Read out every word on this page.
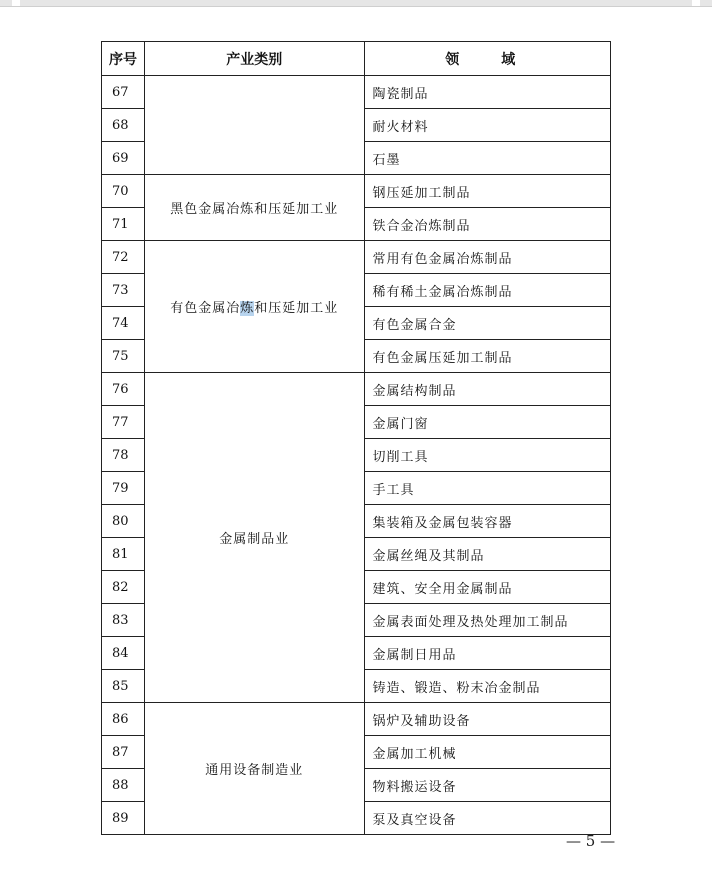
序号	产业类别	领　域
67		陶瓷制品
68		耐火材料
69		石墨
70	黑色金属冶炼和压延加工业	钢压延加工制品
71		铁合金冶炼制品
72	有色金属冶炼和压延加工业	常用有色金属冶炼制品
73		稀有稀土金属冶炼制品
74		有色金属合金
75		有色金属压延加工制品
76	金属制品业	金属结构制品
77		金属门窗
78		切削工具
79		手工具
80		集装箱及金属包装容器
81		金属丝绳及其制品
82		建筑、安全用金属制品
83		金属表面处理及热处理加工制品
84		金属制日用品
85		铸造、锻造、粉末冶金制品
86	通用设备制造业	锅炉及辅助设备
87		金属加工机械
88		物料搬运设备
89		泵及真空设备
— 5 —
